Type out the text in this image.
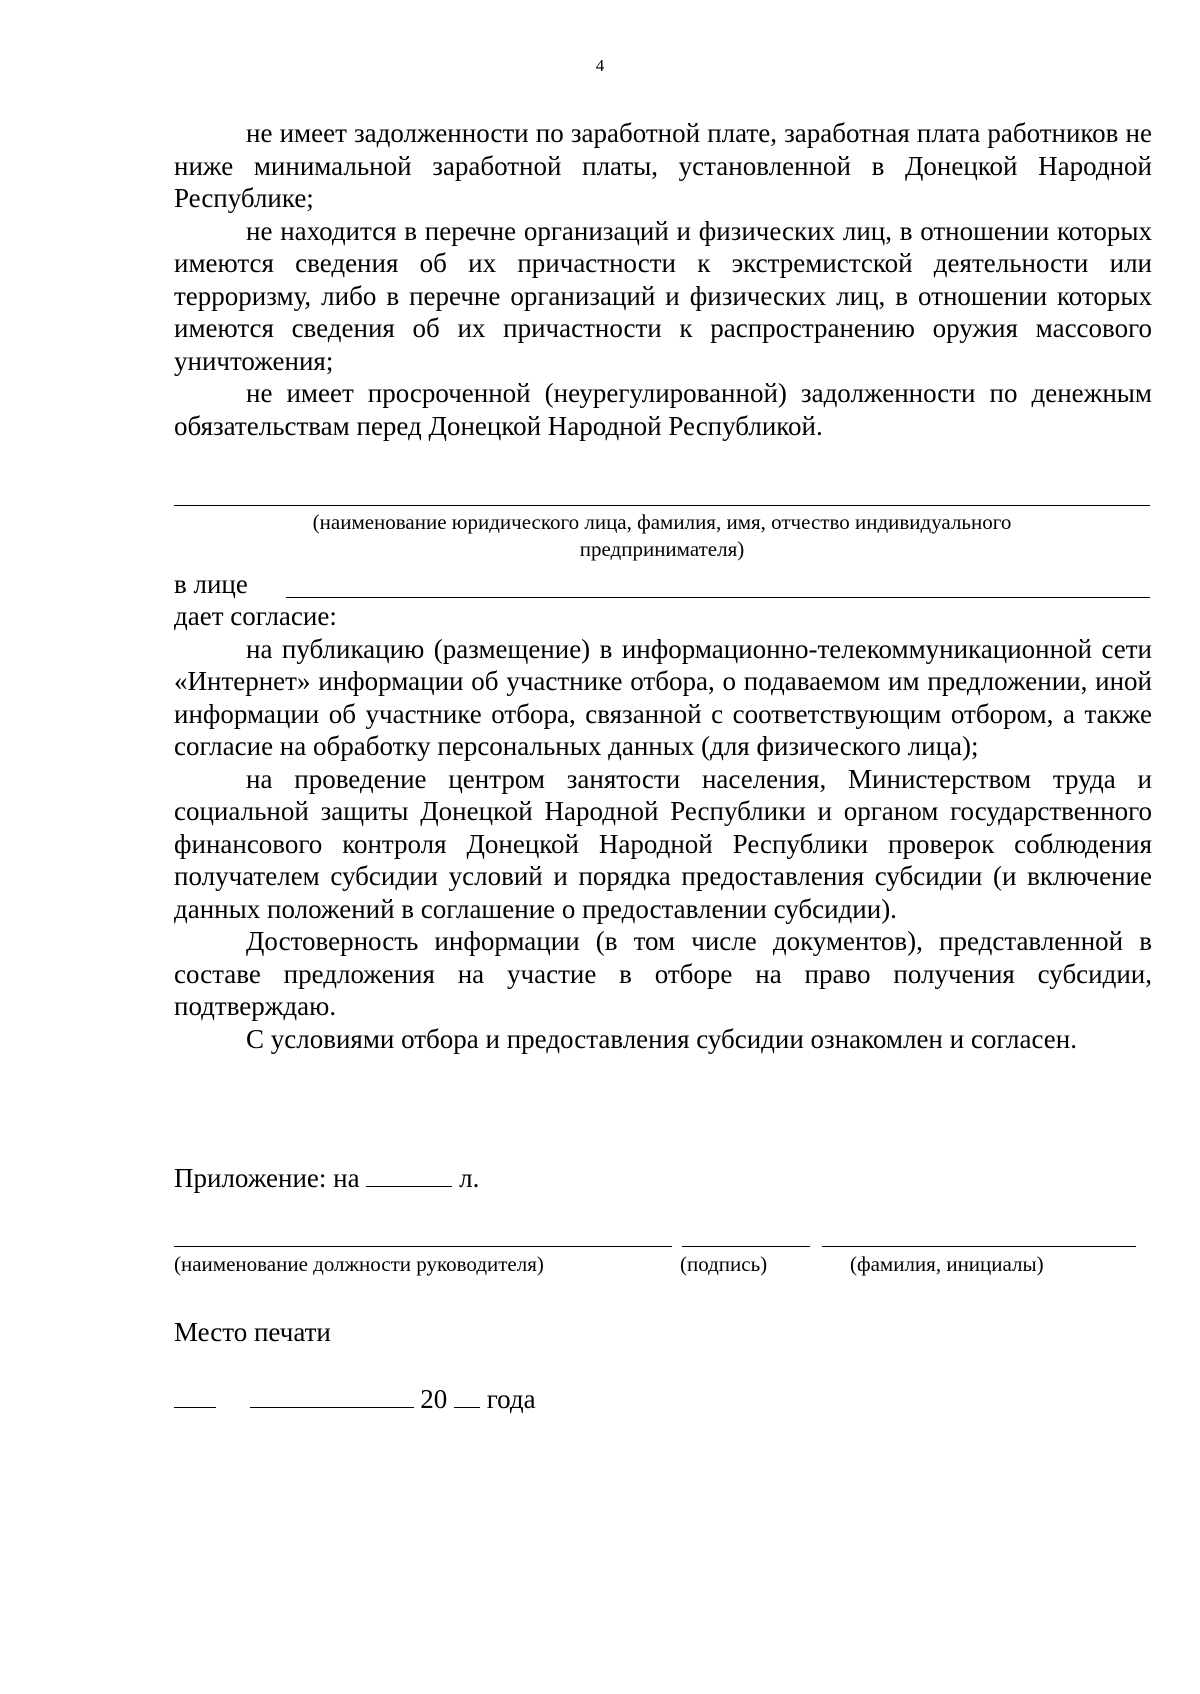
4

не имеет задолженности по заработной плате, заработная плата работников не ниже минимальной заработной платы, установленной в Донецкой Народной Республике;

не находится в перечне организаций и физических лиц, в отношении которых имеются сведения об их причастности к экстремистской деятельности или терроризму, либо в перечне организаций и физических лиц, в отношении которых имеются сведения об их причастности к распространению оружия массового уничтожения;

не имеет просроченной (неурегулированной) задолженности по денежным обязательствам перед Донецкой Народной Республикой.

(наименование юридического лица, фамилия, имя, отчество индивидуального
предпринимателя)
в лице

дает согласие:

на публикацию (размещение) в информационно-телекоммуникационной сети «Интернет» информации об участнике отбора, о подаваемом им предложении, иной информации об участнике отбора, связанной с соответствующим отбором, а также согласие на обработку персональных данных (для физического лица);

на проведение центром занятости населения, Министерством труда и социальной защиты Донецкой Народной Республики и органом государственного финансового контроля Донецкой Народной Республики проверок соблюдения получателем субсидии условий и порядка предоставления субсидии (и включение данных положений в соглашение о предоставлении субсидии).

Достоверность информации (в том числе документов), представленной в составе предложения на участие в отборе на право получения субсидии, подтверждаю.

С условиями отбора и предоставления субсидии ознакомлен и согласен.

Приложение: на	л.
(наименование должности руководителя)	(подпись)	(фамилия, инициалы)
Место печати
20 года
